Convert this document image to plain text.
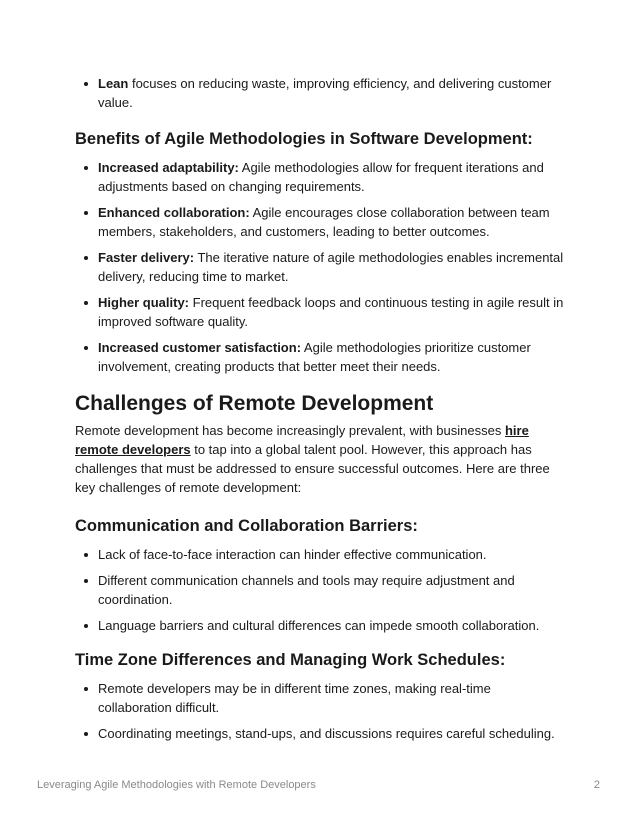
Lean focuses on reducing waste, improving efficiency, and delivering customer value.
Benefits of Agile Methodologies in Software Development:
Increased adaptability: Agile methodologies allow for frequent iterations and adjustments based on changing requirements.
Enhanced collaboration: Agile encourages close collaboration between team members, stakeholders, and customers, leading to better outcomes.
Faster delivery: The iterative nature of agile methodologies enables incremental delivery, reducing time to market.
Higher quality: Frequent feedback loops and continuous testing in agile result in improved software quality.
Increased customer satisfaction: Agile methodologies prioritize customer involvement, creating products that better meet their needs.
Challenges of Remote Development

Remote development has become increasingly prevalent, with businesses hire remote developers to tap into a global talent pool. However, this approach has challenges that must be addressed to ensure successful outcomes. Here are three key challenges of remote development:

Communication and Collaboration Barriers:
Lack of face-to-face interaction can hinder effective communication.
Different communication channels and tools may require adjustment and coordination.
Language barriers and cultural differences can impede smooth collaboration.
Time Zone Differences and Managing Work Schedules:
Remote developers may be in different time zones, making real-time collaboration difficult.
Coordinating meetings, stand-ups, and discussions requires careful scheduling.
Leveraging Agile Methodologies with Remote Developers	2
